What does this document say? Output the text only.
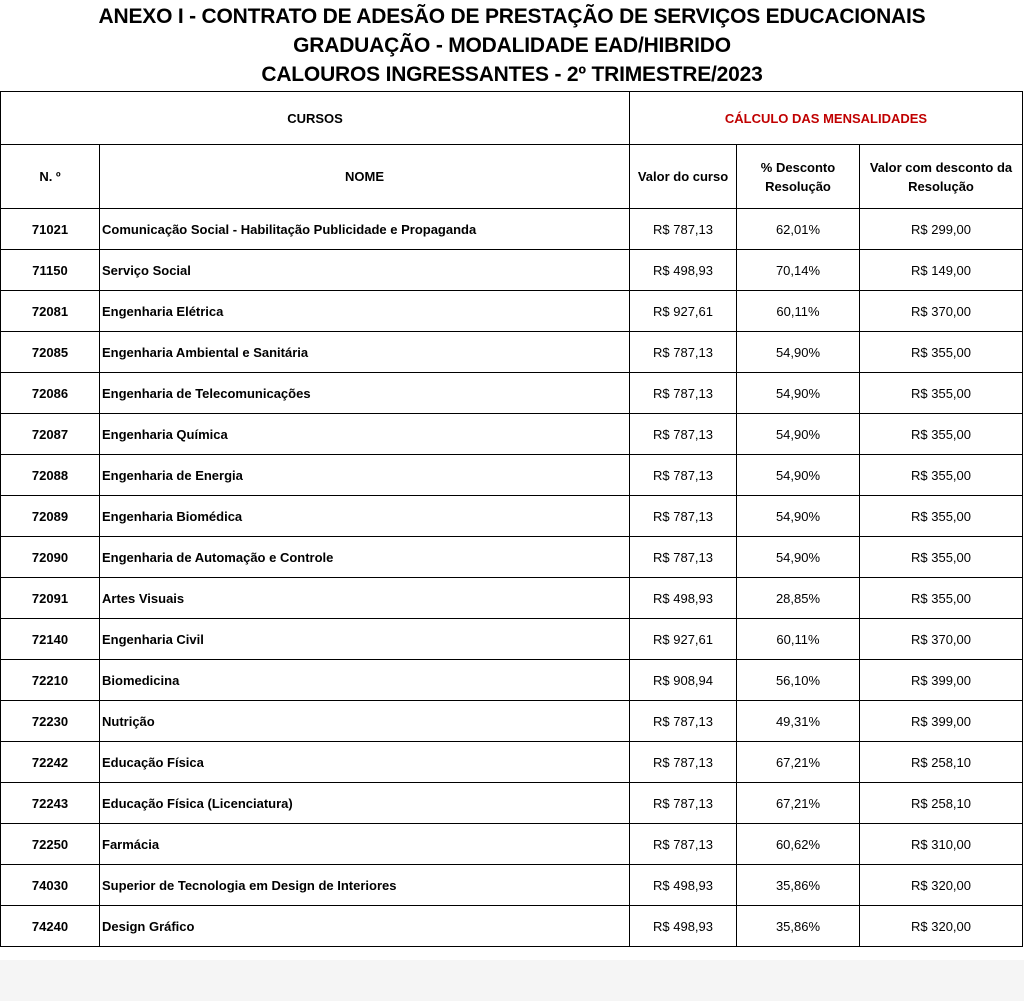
ANEXO I - CONTRATO DE ADESÃO DE PRESTAÇÃO DE SERVIÇOS EDUCACIONAIS
GRADUAÇÃO - MODALIDADE EAD/HIBRIDO
CALOUROS INGRESSANTES - 2º TRIMESTRE/2023
CURSOS		CÁLCULO DAS MENSALIDADES		
N. º	NOME	Valor do curso	% Desconto Resolução	Valor com desconto da Resolução
71021	Comunicação Social - Habilitação Publicidade e Propaganda	R$ 787,13	62,01%	R$ 299,00
71150	Serviço Social	R$ 498,93	70,14%	R$ 149,00
72081	Engenharia Elétrica	R$ 927,61	60,11%	R$ 370,00
72085	Engenharia Ambiental e Sanitária	R$ 787,13	54,90%	R$ 355,00
72086	Engenharia de Telecomunicações	R$ 787,13	54,90%	R$ 355,00
72087	Engenharia Química	R$ 787,13	54,90%	R$ 355,00
72088	Engenharia de Energia	R$ 787,13	54,90%	R$ 355,00
72089	Engenharia Biomédica	R$ 787,13	54,90%	R$ 355,00
72090	Engenharia de Automação e Controle	R$ 787,13	54,90%	R$ 355,00
72091	Artes Visuais	R$ 498,93	28,85%	R$ 355,00
72140	Engenharia Civil	R$ 927,61	60,11%	R$ 370,00
72210	Biomedicina	R$ 908,94	56,10%	R$ 399,00
72230	Nutrição	R$ 787,13	49,31%	R$ 399,00
72242	Educação Física	R$ 787,13	67,21%	R$ 258,10
72243	Educação Física (Licenciatura)	R$ 787,13	67,21%	R$ 258,10
72250	Farmácia	R$ 787,13	60,62%	R$ 310,00
74030	Superior de Tecnologia em Design de Interiores	R$ 498,93	35,86%	R$ 320,00
74240	Design Gráfico	R$ 498,93	35,86%	R$ 320,00
